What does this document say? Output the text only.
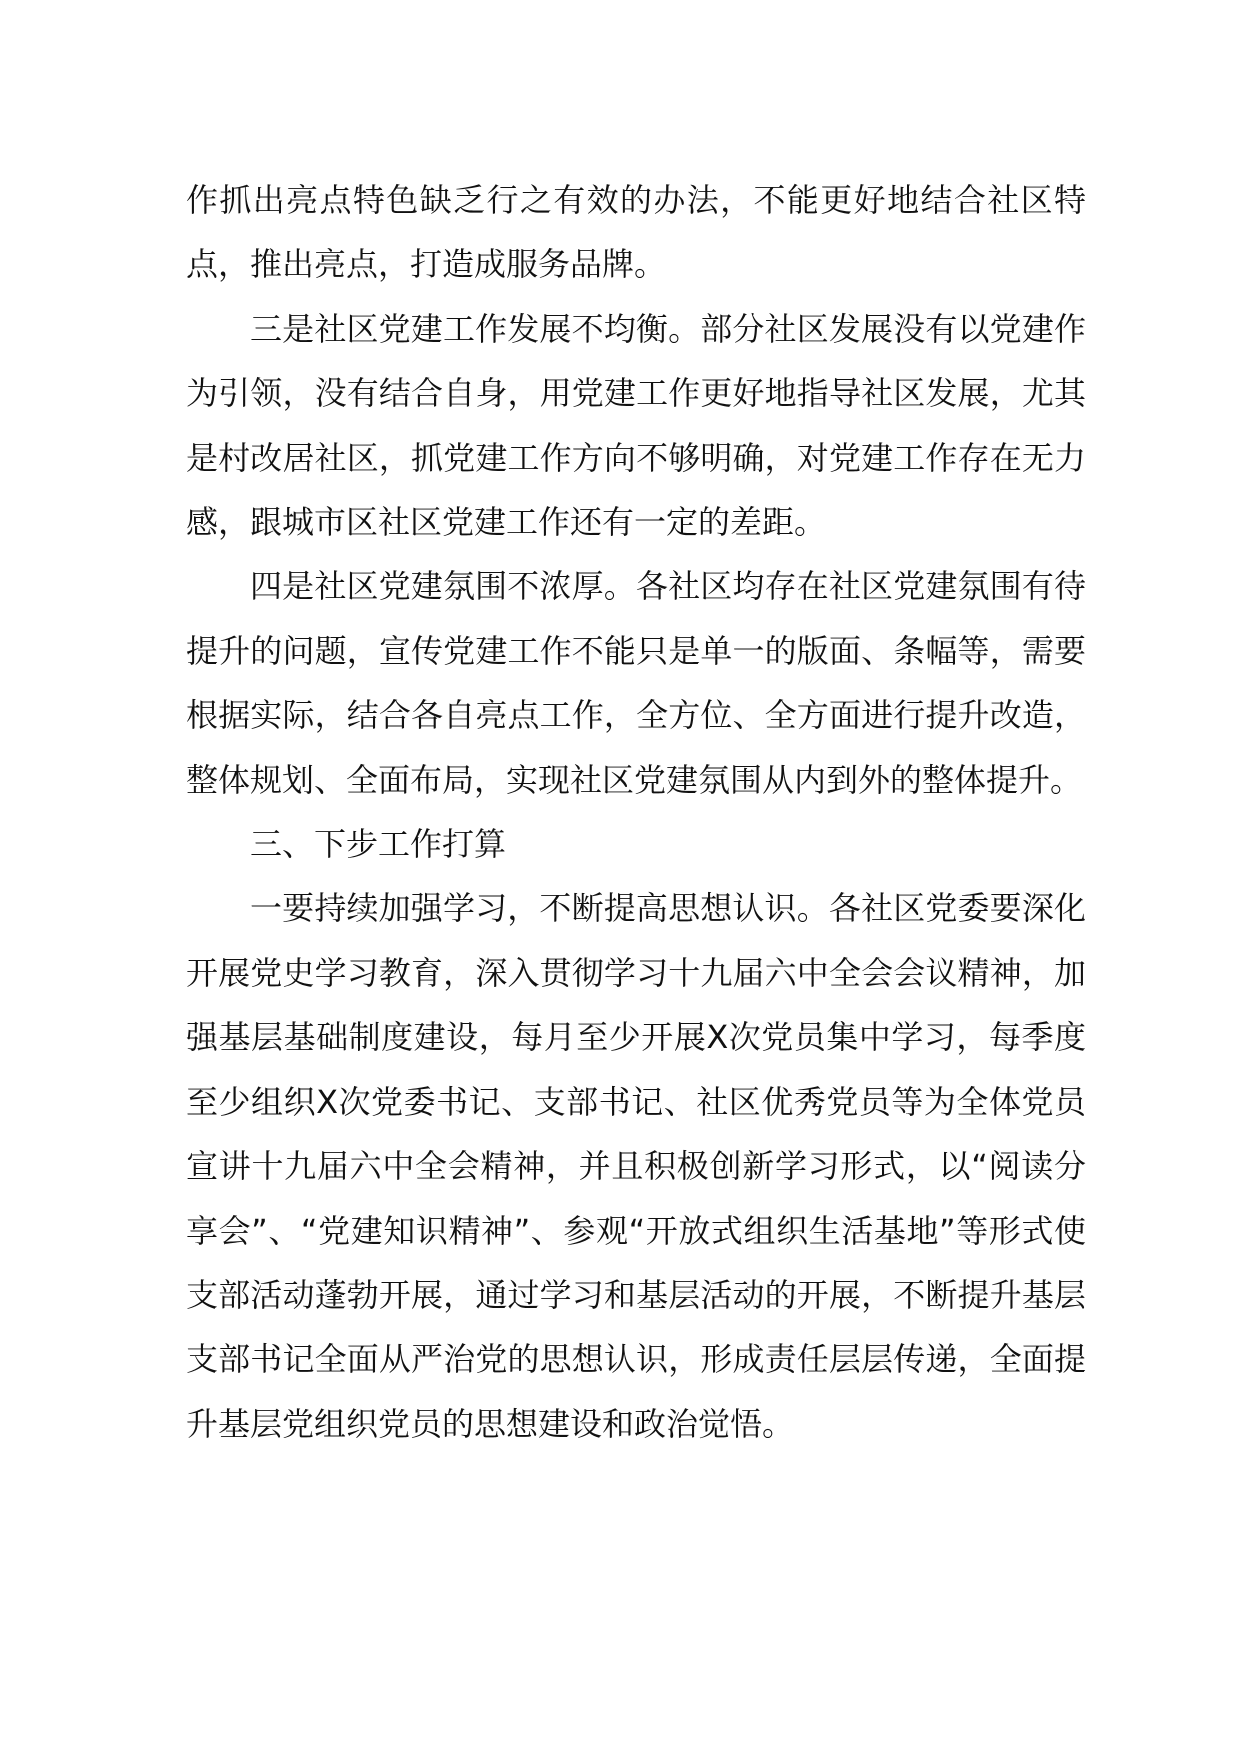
作抓出亮点特色缺乏行之有效的办法，不能更好地结合社区特点，推出亮点，打造成服务品牌。

三是社区党建工作发展不均衡。部分社区发展没有以党建作为引领，没有结合自身，用党建工作更好地指导社区发展，尤其是村改居社区，抓党建工作方向不够明确，对党建工作存在无力感，跟城市区社区党建工作还有一定的差距。

四是社区党建氛围不浓厚。各社区均存在社区党建氛围有待提升的问题，宣传党建工作不能只是单一的版面、条幅等，需要根据实际，结合各自亮点工作，全方位、全方面进行提升改造，整体规划、全面布局，实现社区党建氛围从内到外的整体提升。

三、下步工作打算

一要持续加强学习，不断提高思想认识。各社区党委要深化开展党史学习教育，深入贯彻学习十九届六中全会会议精神，加强基层基础制度建设，每月至少开展X次党员集中学习，每季度至少组织X次党委书记、支部书记、社区优秀党员等为全体党员宣讲十九届六中全会精神，并且积极创新学习形式，以“阅读分享会”、“党建知识精神”、参观“开放式组织生活基地”等形式使支部活动蓬勃开展，通过学习和基层活动的开展，不断提升基层支部书记全面从严治党的思想认识，形成责任层层传递，全面提升基层党组织党员的思想建设和政治觉悟。
